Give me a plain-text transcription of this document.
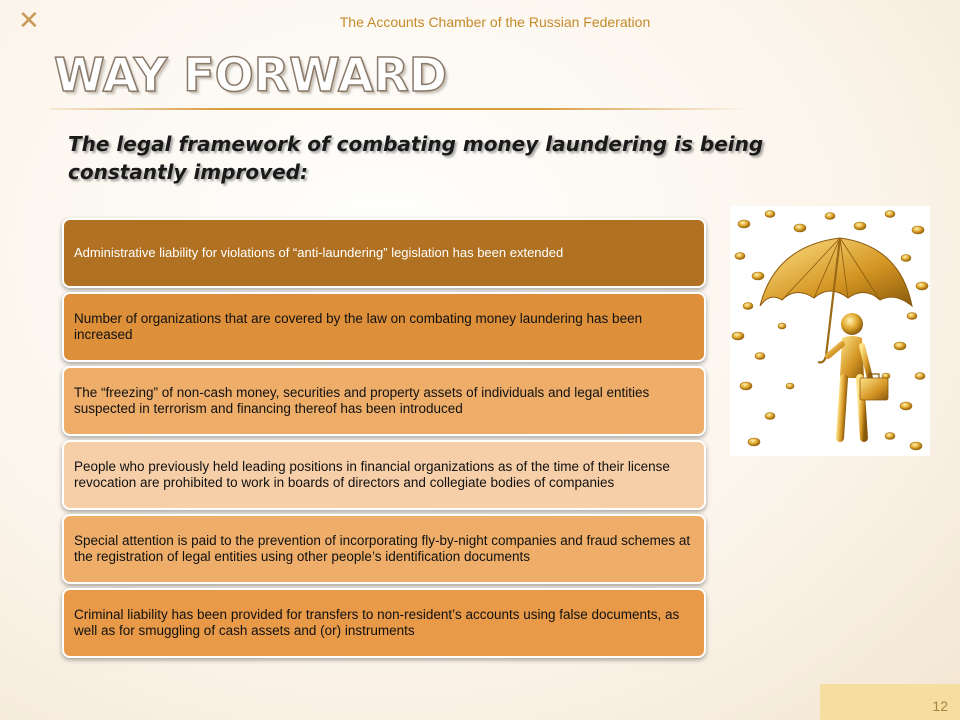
✕	The Accounts Chamber of the Russian Federation
WAY FORWARD

The legal framework of combating money laundering is being constantly improved:

Administrative liability for violations of “anti-laundering” legislation has been extended
Number of organizations that are covered by the law on combating money laundering has been increased
The “freezing” of non-cash money, securities and property assets of individuals and legal entities suspected in terrorism and financing thereof has been introduced
People who previously held leading positions in financial organizations as of the time of their license revocation are prohibited to work in boards of directors and collegiate bodies of companies
Special attention is paid to the prevention of incorporating fly-by-night companies and fraud schemes at the registration of legal entities using other people’s identification documents
Criminal liability has been provided for transfers to non-resident’s accounts using false documents, as well as for smuggling of cash assets and (or) instruments
12
